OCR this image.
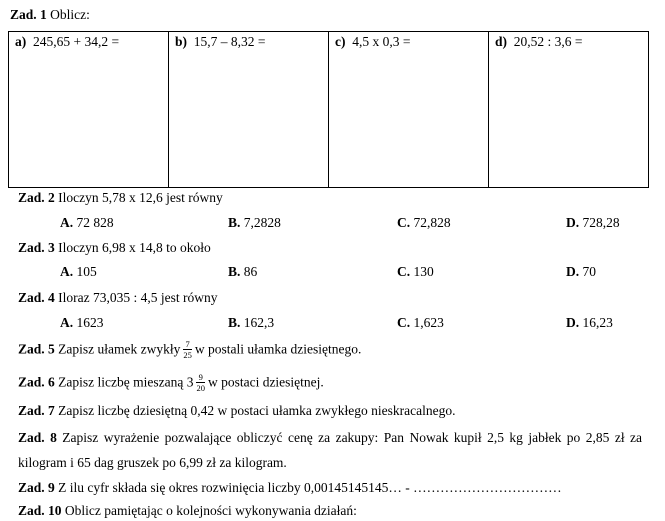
Zad. 1 Oblicz:
a) 245,65 + 34,2 =	b) 15,7 – 8,32 =	c) 4,5 x 0,3 =	d) 20,52 : 3,6 =
Zad. 2 Iloczyn 5,78 x 12,6 jest równy
A. 72 828	B. 7,2828	C. 72,828	D. 728,28
Zad. 3 Iloczyn 6,98 x 14,8 to około
A. 105	B. 86	C. 130	D. 70
Zad. 4 Iloraz 73,035 : 4,5 jest równy
A. 1623	B. 162,3	C. 1,623	D. 16,23
Zad. 5 Zapisz ułamek zwykły $\frac{7}{25}$ w postali ułamka dziesiętnego.
Zad. 6 Zapisz liczbę mieszaną $3 \frac{9}{20}$ w postaci dziesiętnej.
Zad. 7 Zapisz liczbę dziesiętną 0,42 w postaci ułamka zwykłego nieskracalnego.
Zad. 8 Zapisz wyrażenie pozwalające obliczyć cenę za zakupy: Pan Nowak kupił 2,5 kg jabłek po 2,85 zł za
kilogram i 65 dag gruszek po 6,99 zł za kilogram.
Zad. 9 Z ilu cyfr składa się okres rozwinięcia liczby 0,00145145145… - ……………………………
Zad. 10 Oblicz pamiętając o kolejności wykonywania działań:
